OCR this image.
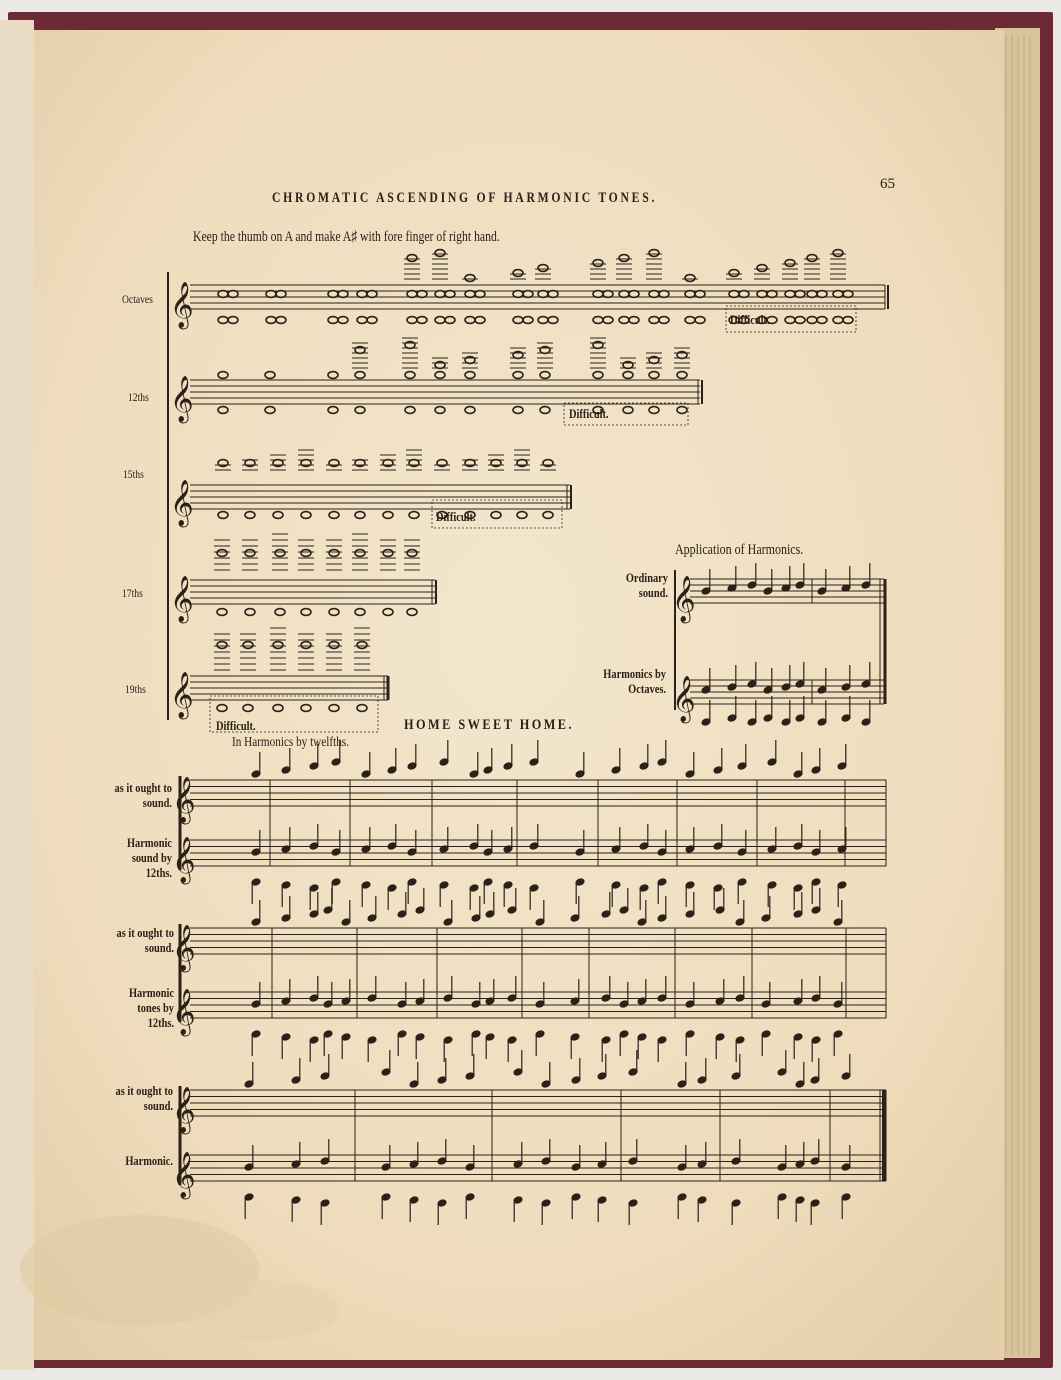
𝄞
𝄞
𝄞
𝄞
𝄞
𝄞
𝄞
𝄞
𝄞
𝄞
𝄞
𝄞
𝄞
65
CHROMATIC ASCENDING OF HARMONIC TONES.
Keep the thumb on A and make A♯ with fore finger of right hand.
Octaves
12ths
15ths
17ths
19ths
Difficult.
Difficult.
Difficult.
Difficult.
Application of Harmonics.
Ordinary sound.
Harmonics by Octaves.
HOME SWEET HOME.
In Harmonics by twelfths.
as it ought to sound.
Harmonic sound by 12ths.
as it ought to sound.
Harmonic tones by 12ths.
as it ought to sound.
Harmonic.
